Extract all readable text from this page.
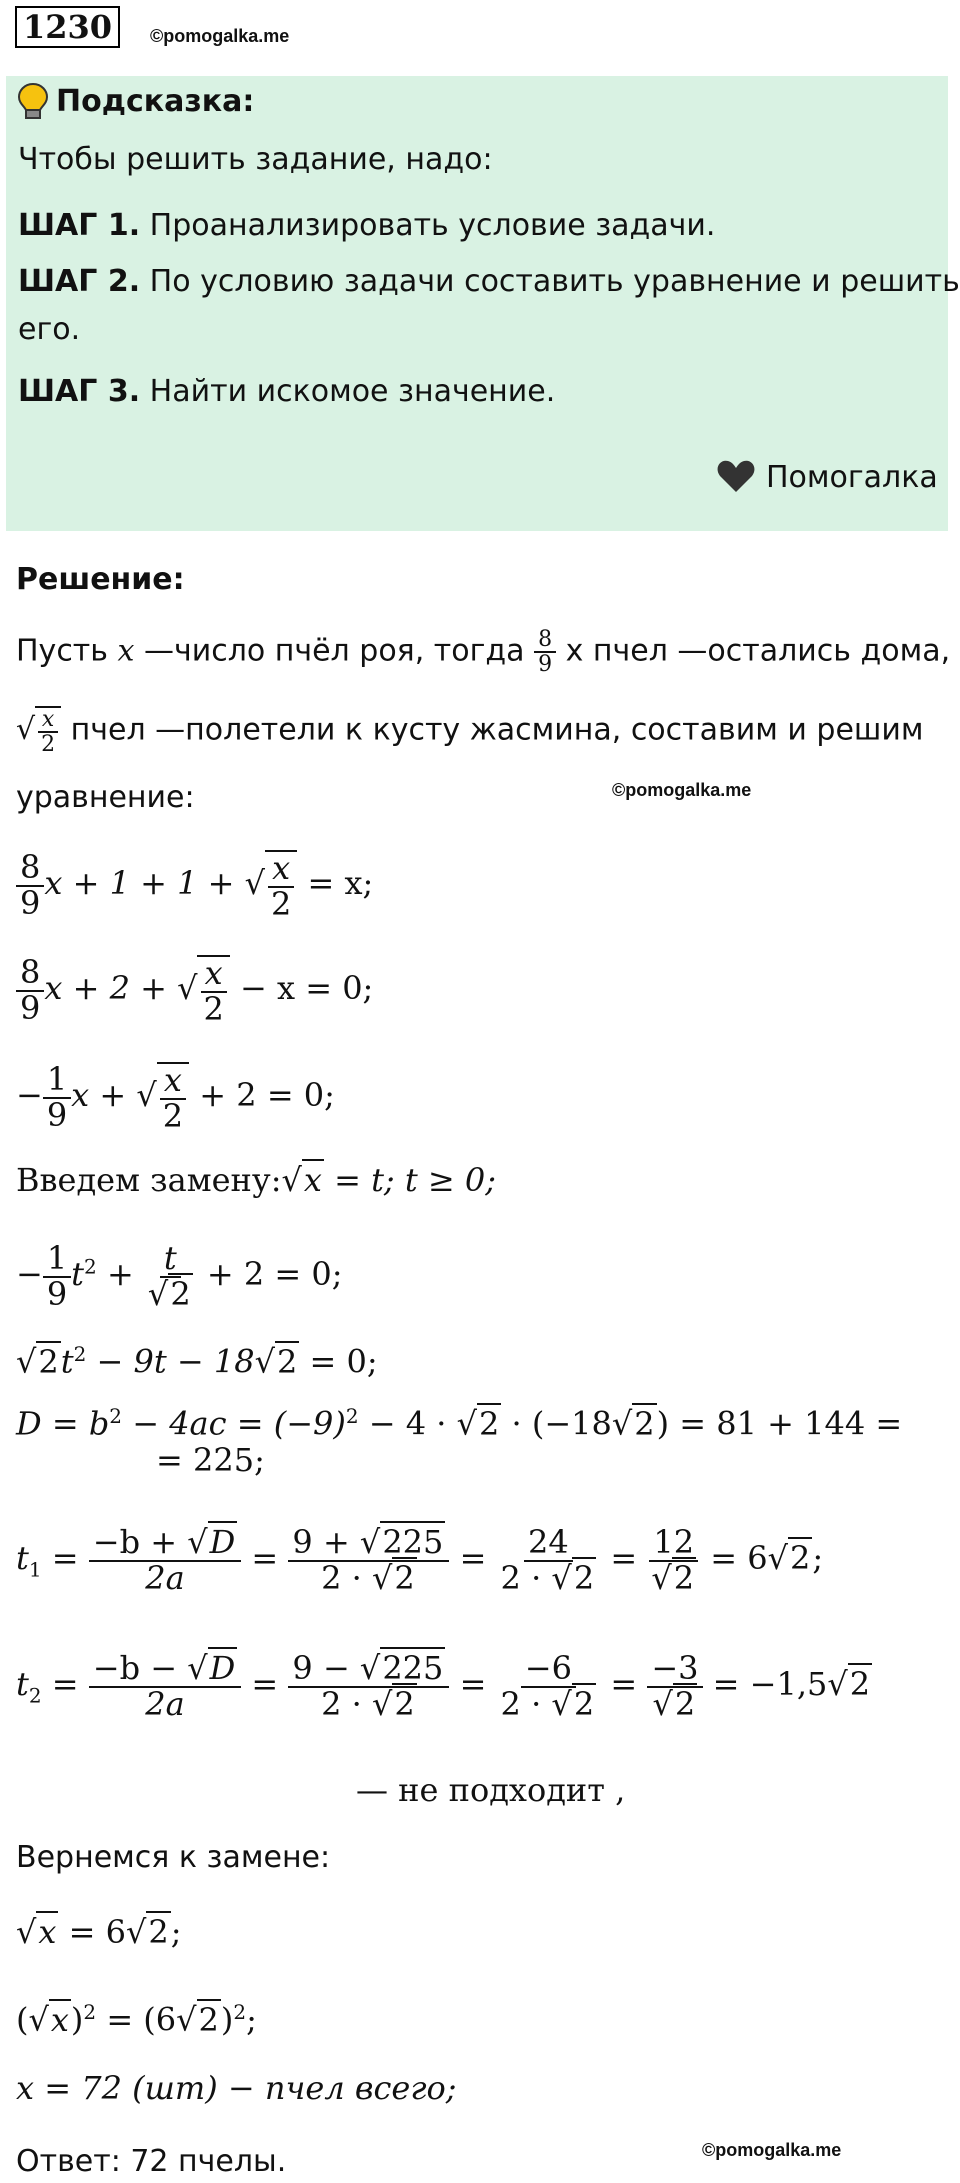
1230	©pomogalka.me
Подсказка:
Чтобы решить задание, надо:
ШАГ 1. Проанализировать условие задачи.
ШАГ 2. По условию задачи составить уравнение и решить
его.
ШАГ 3. Найти искомое значение.
Помогалка
Решение:
Пусть x —число пчёл роя, тогда $\frac{8}{9}$ x пчел —остались дома,
√ $\frac{x}{2}$ пчел —полетели к кусту жасмина, составим и решим
уравнение:	©pomogalka.me
$\frac{8}{9}$ x + 1 + 1 + √ $\frac{x}{2} = x$;
$\frac{8}{9}$ x + 2 + √ $\frac{x}{2} - x = 0$;
− $\frac{1}{9}$ x + √ $\frac{x}{2} + 2 = 0$;
Введем замену:√x = t; t ≥ 0;
− $\frac{1}{9} t^2 + \frac{t}{√2} + 2 = 0$;
$√2t^2 - 9t - 18√2 = 0$;
$D = b^2 - 4ac = (-9)^2 - 4 \cdot √2 \cdot (-18√2) = 81 + 144$ =
= 225;
$t_1 = \frac{-b + √D}{2a} = \frac{9 + √225}{2 \cdot √2} = \frac{24}{2 \cdot √2} = \frac{12}{√2} = 6√2$;
$t_2 = \frac{-b - √D}{2a} = \frac{9 - √225}{2 \cdot √2} = \frac{-6}{2 \cdot √2} = \frac{-3}{√2} = -1,5√2$
— не подходит ,
Вернемся к замене:
√x = 6√2;
$(√x)^2 = (6√2)^2$;
x = 72 (шт) − пчел всего;
Ответ: 72 пчелы.	©pomogalka.me
